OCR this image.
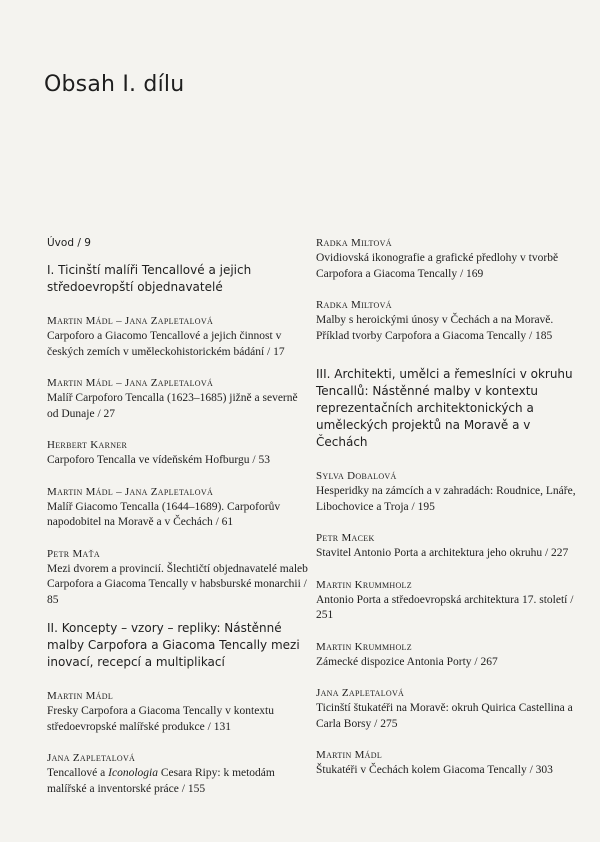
Obsah I. dílu

Úvod / 9

I. Ticinští malíři Tencallové a jejich středoevropští objednavatelé

Martin Mádl – Jana Zapletalová

Carpoforo a Giacomo Tencallové a jejich činnost v českých zemích v uměleckohistorickém bádání / 17

Martin Mádl – Jana Zapletalová

Malíř Carpoforo Tencalla (1623–1685) jižně a severně od Dunaje / 27

Herbert Karner

Carpoforo Tencalla ve vídeňském Hofburgu / 53

Martin Mádl – Jana Zapletalová

Malíř Giacomo Tencalla (1644–1689). Carpoforův napodobitel na Moravě a v Čechách / 61

Petr Maťa

Mezi dvorem a provincií. Šlechtičtí objednavatelé maleb Carpofora a Giacoma Tencally v habsburské monarchii / 85

II. Koncepty – vzory – repliky: Nástěnné malby Carpofora a Giacoma Tencally mezi inovací, recepcí a multiplikací

Martin Mádl

Fresky Carpofora a Giacoma Tencally v kontextu středoevropské malířské produkce / 131

Jana Zapletalová

Tencallové a Iconologia Cesara Ripy: k metodám malířské a inventorské práce / 155

Radka Miltová

Ovidiovská ikonografie a grafické předlohy v tvorbě Carpofora a Giacoma Tencally / 169

Radka Miltová

Malby s heroickými únosy v Čechách a na Moravě. Příklad tvorby Carpofora a Giacoma Tencally / 185

III. Architekti, umělci a řemeslníci v okruhu Tencallů: Nástěnné malby v kontextu reprezentačních architektonických a uměleckých projektů na Moravě a v Čechách

Sylva Dobalová

Hesperidky na zámcích a v zahradách: Roudnice, Lnáře, Libochovice a Troja / 195

Petr Macek

Stavitel Antonio Porta a architektura jeho okruhu / 227

Martin Krummholz

Antonio Porta a středoevropská architektura 17. století / 251

Martin Krummholz

Zámecké dispozice Antonia Porty / 267

Jana Zapletalová

Ticinští štukatéři na Moravě: okruh Quirica Castellina a Carla Borsy / 275

Martin Mádl

Štukatéři v Čechách kolem Giacoma Tencally / 303
